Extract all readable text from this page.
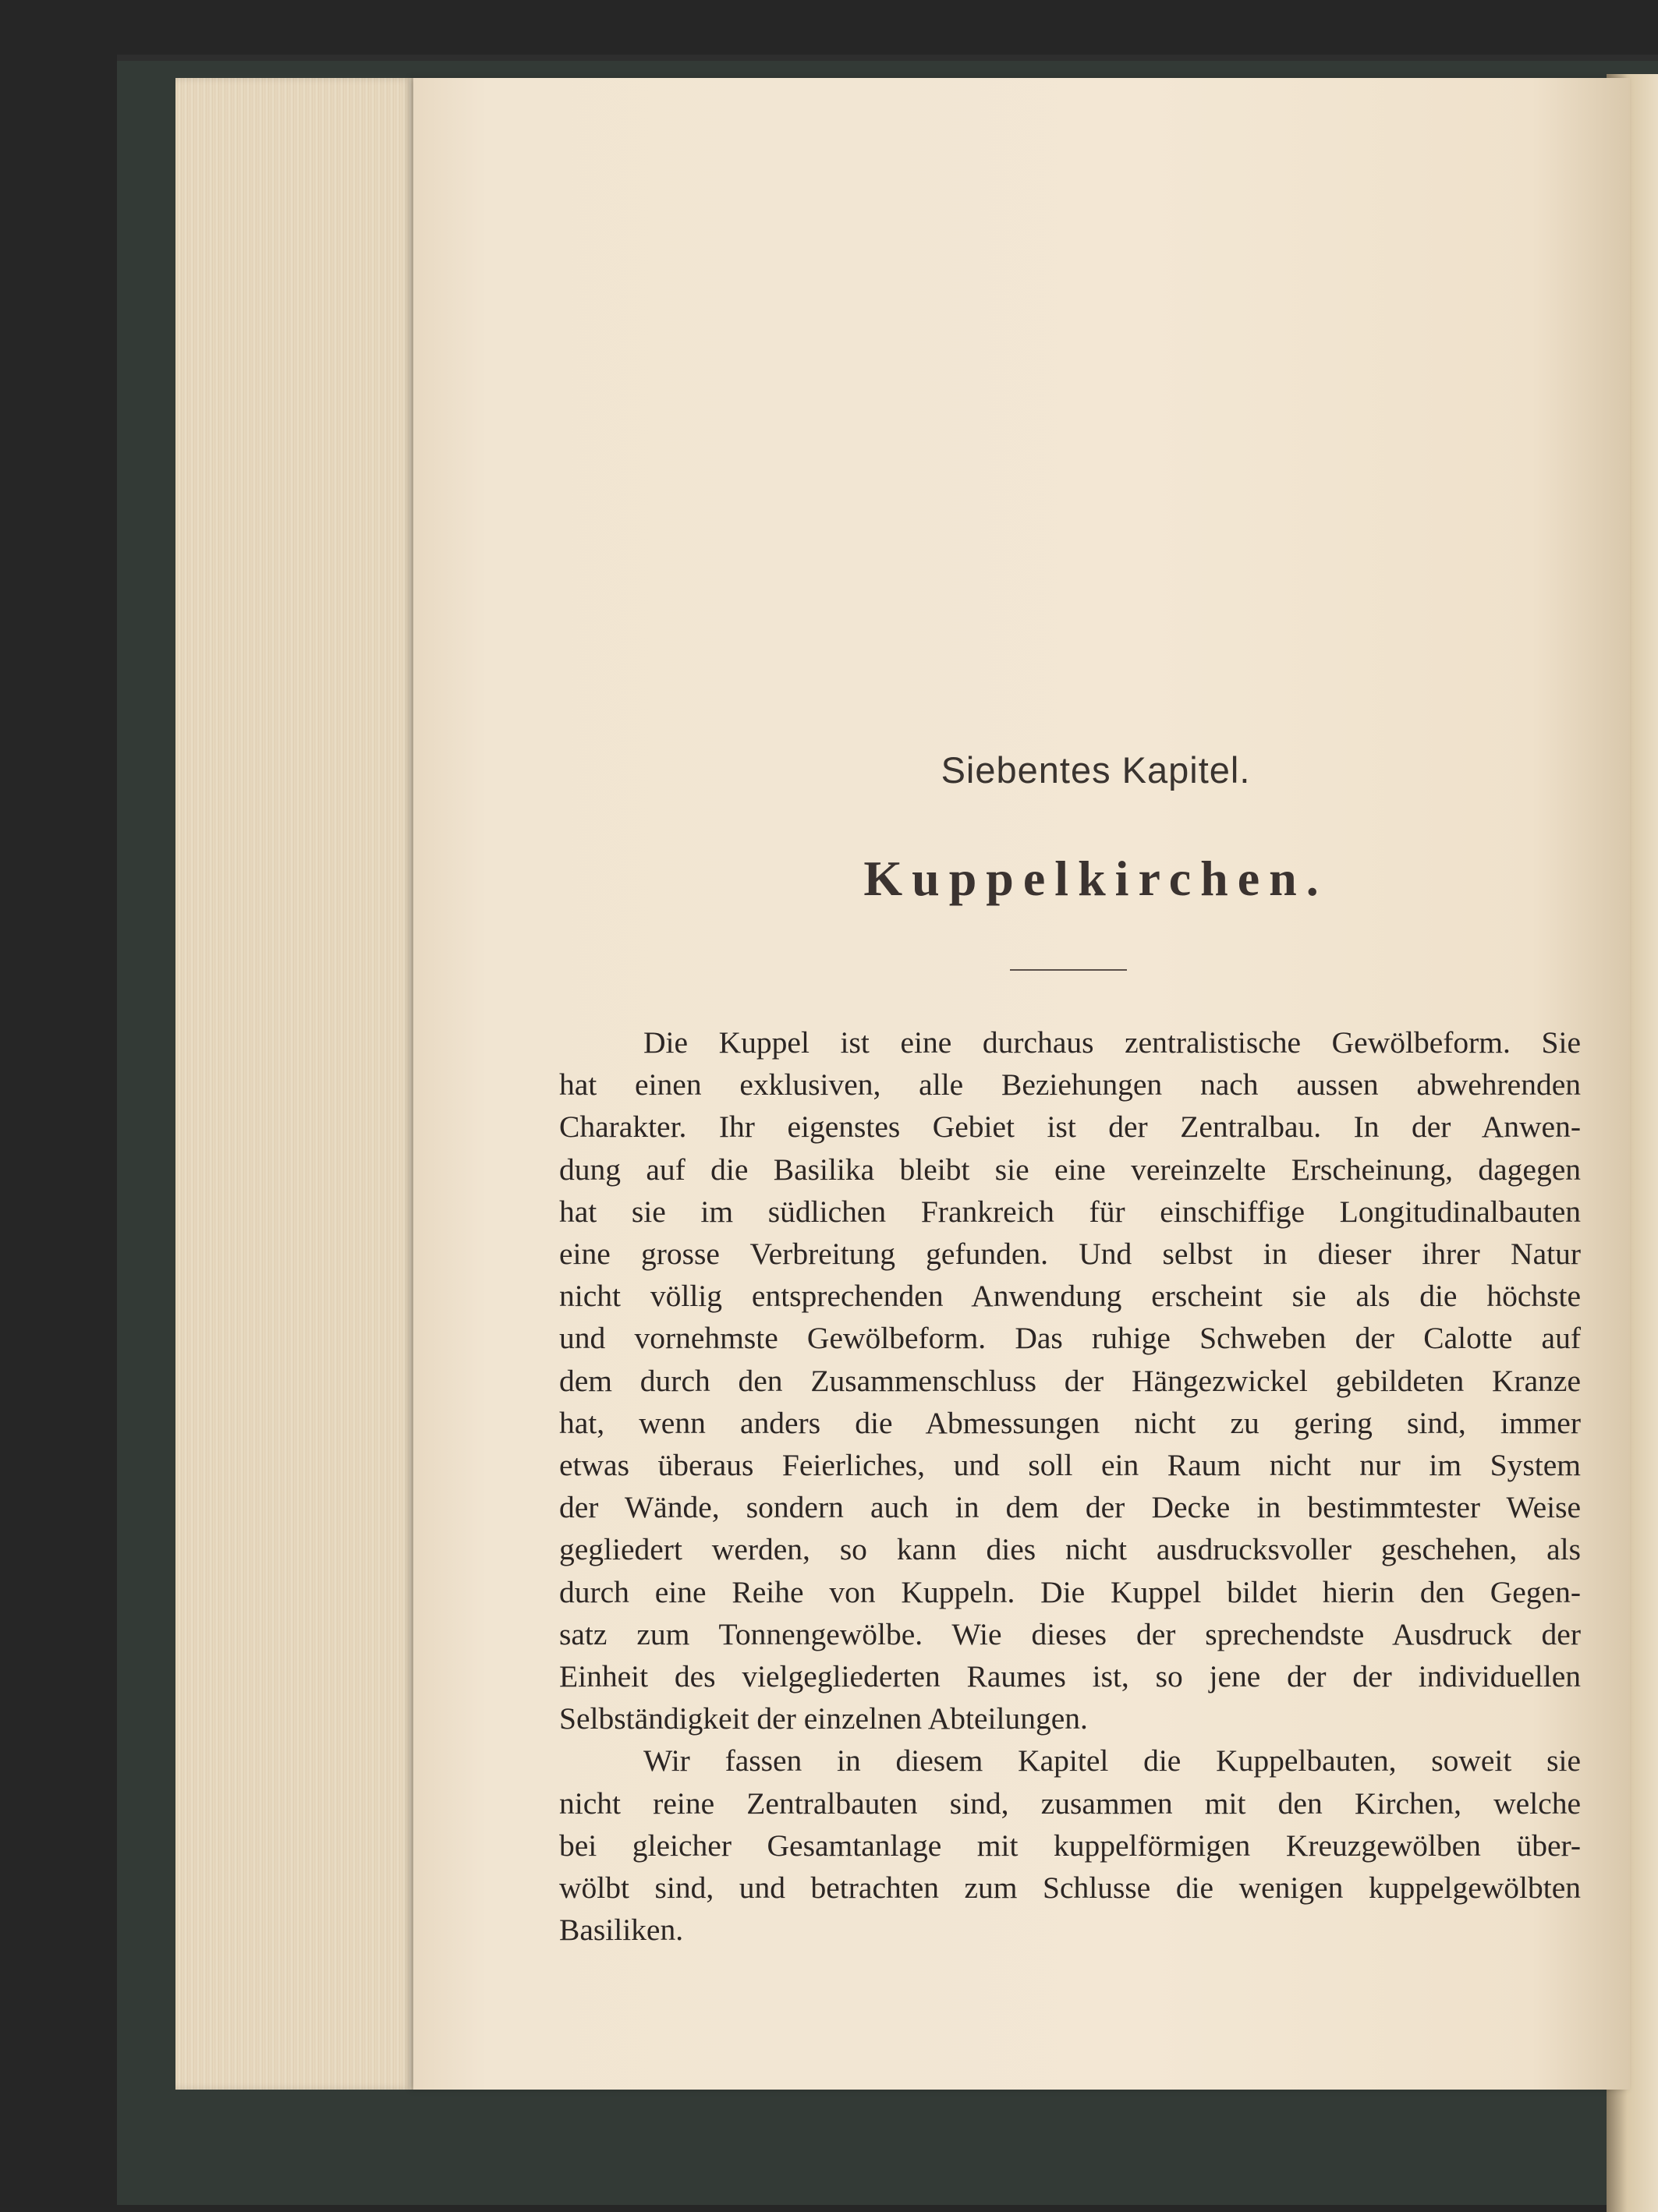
Siebentes Kapitel.
Kuppelkirchen.
Die Kuppel ist eine durchaus zentralistische Gewölbeform. Sie
hat einen exklusiven, alle Beziehungen nach aussen abwehrenden
Charakter. Ihr eigenstes Gebiet ist der Zentralbau. In der Anwen-
dung auf die Basilika bleibt sie eine vereinzelte Erscheinung, dagegen
hat sie im südlichen Frankreich für einschiffige Longitudinalbauten
eine grosse Verbreitung gefunden. Und selbst in dieser ihrer Natur
nicht völlig entsprechenden Anwendung erscheint sie als die höchste
und vornehmste Gewölbeform. Das ruhige Schweben der Calotte auf
dem durch den Zusammenschluss der Hängezwickel gebildeten Kranze
hat, wenn anders die Abmessungen nicht zu gering sind, immer
etwas überaus Feierliches, und soll ein Raum nicht nur im System
der Wände, sondern auch in dem der Decke in bestimmtester Weise
gegliedert werden, so kann dies nicht ausdrucksvoller geschehen, als
durch eine Reihe von Kuppeln. Die Kuppel bildet hierin den Gegen-
satz zum Tonnengewölbe. Wie dieses der sprechendste Ausdruck der
Einheit des vielgegliederten Raumes ist, so jene der der individuellen
Selbständigkeit der einzelnen Abteilungen.
Wir fassen in diesem Kapitel die Kuppelbauten, soweit sie
nicht reine Zentralbauten sind, zusammen mit den Kirchen, welche
bei gleicher Gesamtanlage mit kuppelförmigen Kreuzgewölben über-
wölbt sind, und betrachten zum Schlusse die wenigen kuppelgewölbten
Basiliken.
